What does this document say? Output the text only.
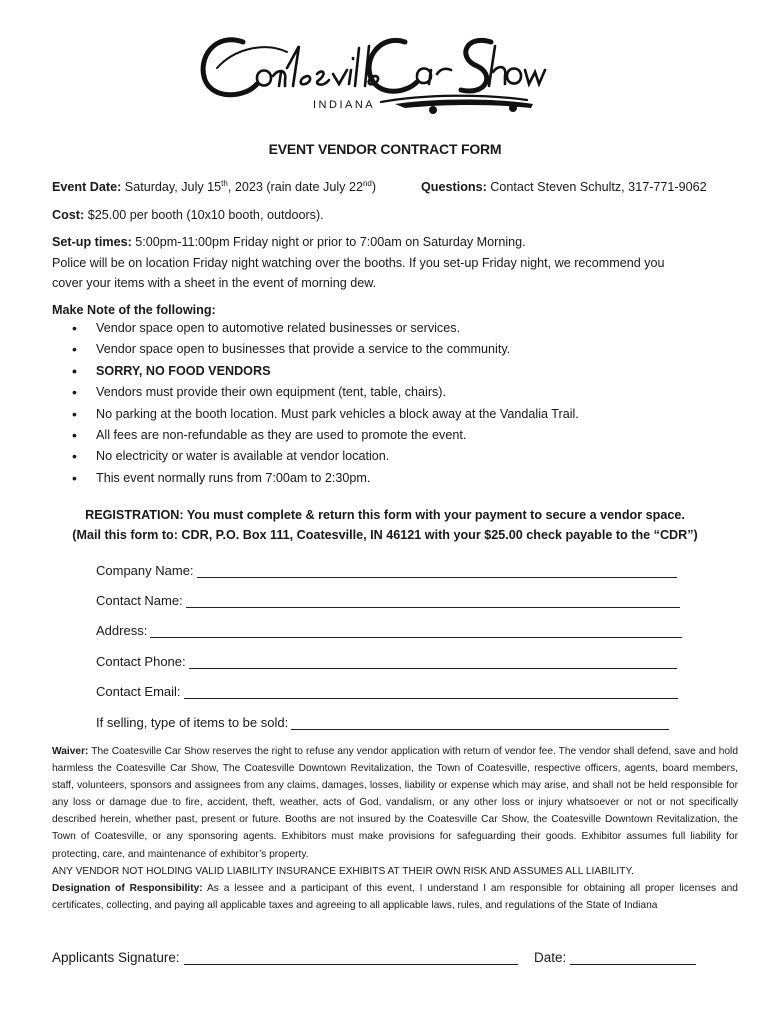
INDIANA
EVENT VENDOR CONTRACT FORM
Event Date: Saturday, July 15th, 2023 (rain date July 22nd)	Questions: Contact Steven Schultz, 317-771-9062
Cost: $25.00 per booth (10x10 booth, outdoors).
Set-up times: 5:00pm-11:00pm Friday night or prior to 7:00am on Saturday Morning.
Police will be on location Friday night watching over the booths. If you set-up Friday night, we recommend you
cover your items with a sheet in the event of morning dew.
Make Note of the following:
• Vendor space open to automotive related businesses or services.
• Vendor space open to businesses that provide a service to the community.
• SORRY, NO FOOD VENDORS
• Vendors must provide their own equipment (tent, table, chairs).
• No parking at the booth location. Must park vehicles a block away at the Vandalia Trail.
• All fees are non-refundable as they are used to promote the event.
• No electricity or water is available at vendor location.
• This event normally runs from 7:00am to 2:30pm.
REGISTRATION: You must complete & return this form with your payment to secure a vendor space.
(Mail this form to: CDR, P.O. Box 111, Coatesville, IN 46121 with your $25.00 check payable to the “CDR”)
Company Name:
Contact Name:
Address:
Contact Phone:
Contact Email:
If selling, type of items to be sold:

Waiver: The Coatesville Car Show reserves the right to refuse any vendor application with return of vendor fee. The vendor shall defend, save and hold harmless the Coatesville Car Show, The Coatesville Downtown Revitalization, the Town of Coatesville, respective officers, agents, board members, staff, volunteers, sponsors and assignees from any claims, damages, losses, liability or expense which may arise, and shall not be held responsible for any loss or damage due to fire, accident, theft, weather, acts of God, vandalism, or any other loss or injury whatsoever or not or not specifically described herein, whether past, present or future. Booths are not insured by the Coatesville Car Show, the Coatesville Downtown Revitalization, the Town of Coatesville, or any sponsoring agents. Exhibitors must make provisions for safeguarding their goods. Exhibitor assumes full liability for protecting, care, and maintenance of exhibitor’s property.

ANY VENDOR NOT HOLDING VALID LIABILITY INSURANCE EXHIBITS AT THEIR OWN RISK AND ASSUMES ALL LIABILITY.

Designation of Responsibility: As a lessee and a participant of this event, I understand I am responsible for obtaining all proper licenses and certificates, collecting, and paying all applicable taxes and agreeing to all applicable laws, rules, and regulations of the State of Indiana

Applicants Signature:	Date:
